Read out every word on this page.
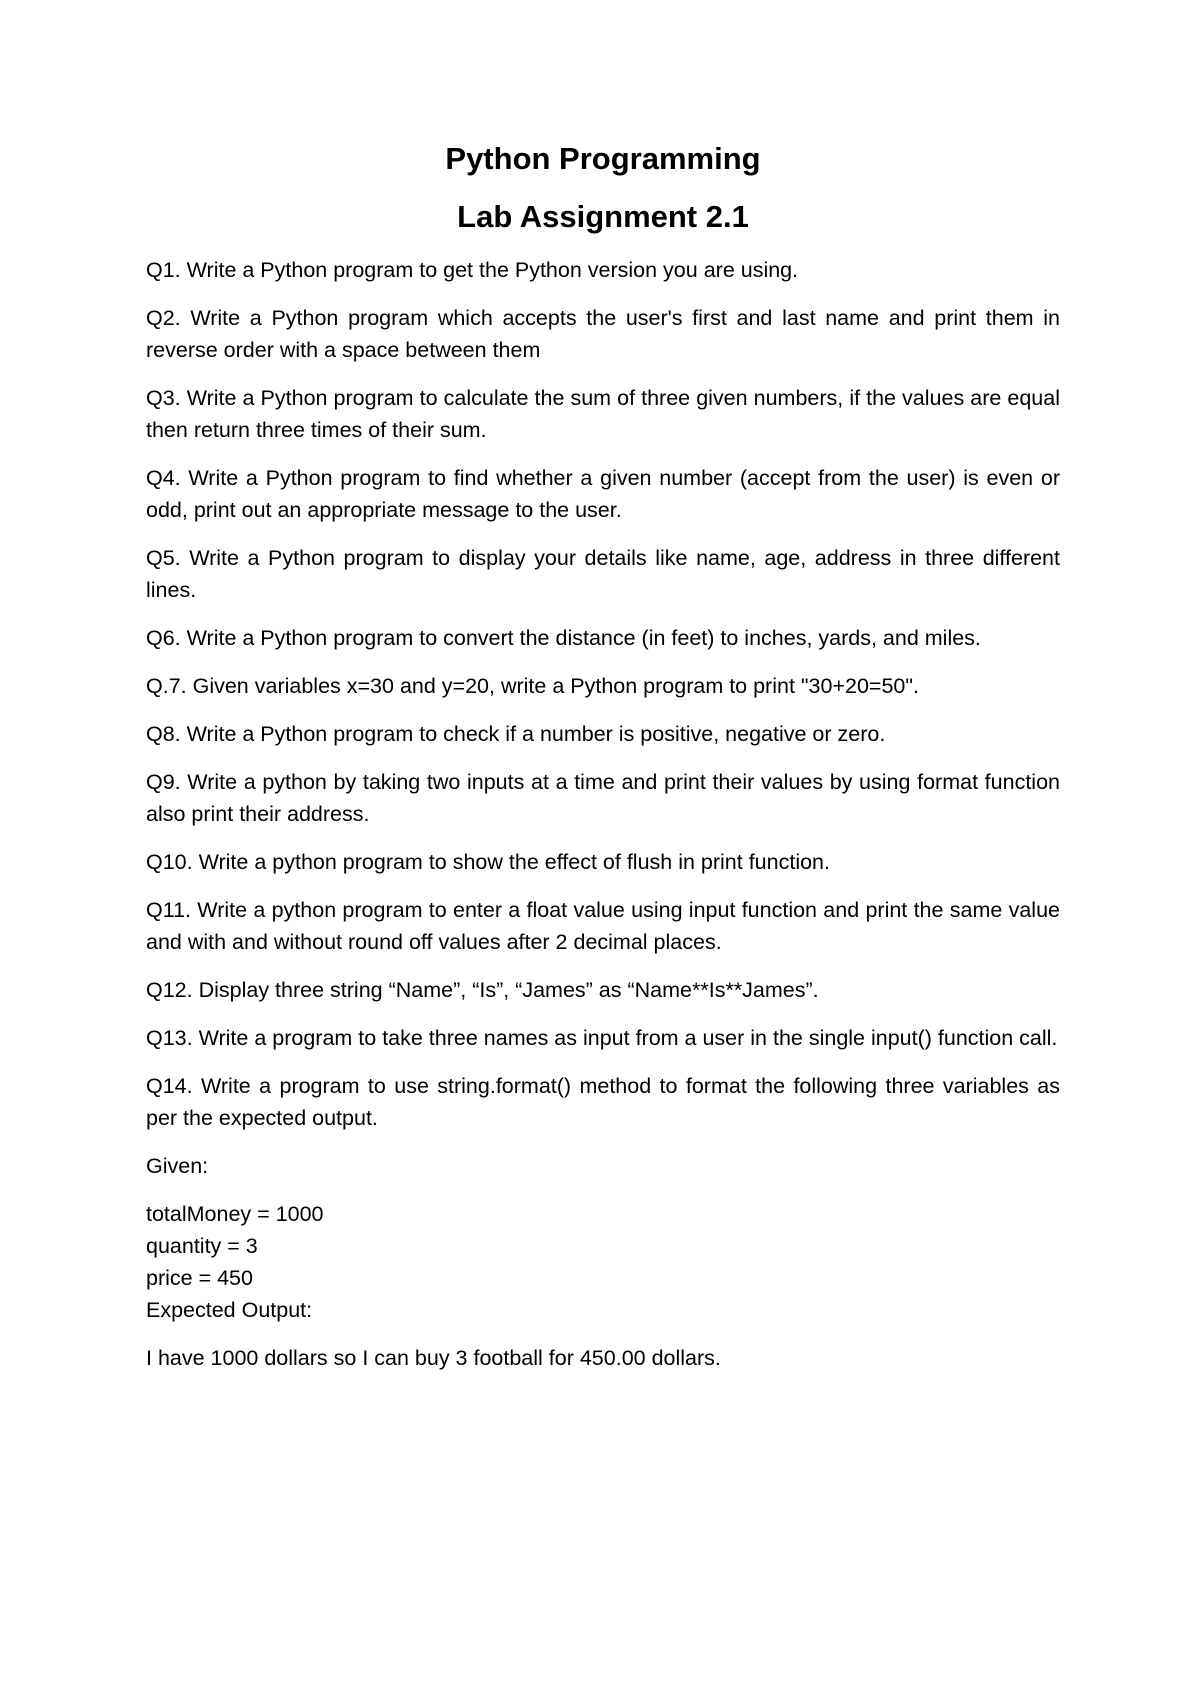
Python Programming
Lab Assignment 2.1

Q1. Write a Python program to get the Python version you are using.

Q2. Write a Python program which accepts the user's first and last name and print them in reverse order with a space between them

Q3. Write a Python program to calculate the sum of three given numbers, if the values are equal then return three times of their sum.

Q4. Write a Python program to find whether a given number (accept from the user) is even or odd, print out an appropriate message to the user.

Q5. Write a Python program to display your details like name, age, address in three different lines.

Q6. Write a Python program to convert the distance (in feet) to inches, yards, and miles.

Q.7. Given variables x=30 and y=20, write a Python program to print "30+20=50".

Q8. Write a Python program to check if a number is positive, negative or zero.

Q9. Write a python by taking two inputs at a time and print their values by using format function also print their address.

Q10. Write a python program to show the effect of flush in print function.

Q11. Write a python program to enter a float value using input function and print the same value and with and without round off values after 2 decimal places.

Q12. Display three string “Name”, “Is”, “James” as “Name**Is**James”.

Q13. Write a program to take three names as input from a user in the single input() function call.

Q14. Write a program to use string.format() method to format the following three variables as per the expected output.

Given:

totalMoney = 1000
quantity = 3
price = 450
Expected Output:

I have 1000 dollars so I can buy 3 football for 450.00 dollars.
